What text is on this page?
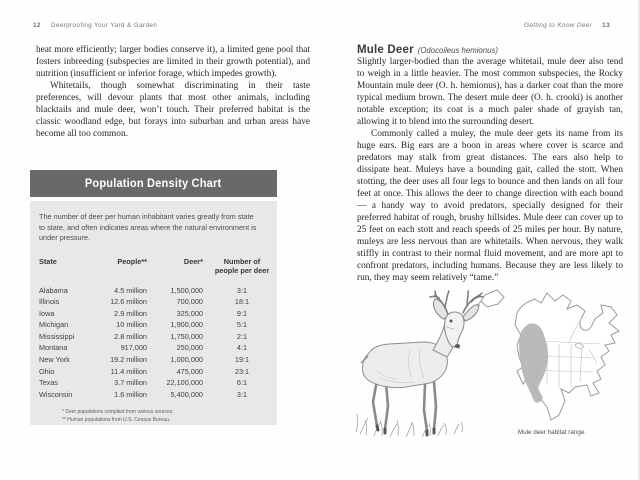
12 Deerproofing Your Yard & Garden	Getting to Know Deer 13

heat more efficiently; larger bodies conserve it), a limited gene pool that fosters inbreeding (subspecies are limited in their growth potential), and nutrition (insufficient or inferior forage, which impedes growth).

Whitetails, though somewhat discriminating in their taste preferences, will devour plants that most other animals, including blacktails and mule deer, won’t touch. Their preferred habitat is the classic woodland edge, but forays into suburban and urban areas have become all too common.

Population Density Chart
The number of deer per human inhabitant varies greatly from state to state, and often indicates areas where the natural environment is under pressure.
State	People**	Deer*	Number of people per deer
Alabama	4.5 million	1,500,000	3:1
Illinois	12.6 million	700,000	18:1
Iowa	2.9 million	325,000	9:1
Michigan	10 million	1,900,000	5:1
Mississippi	2.8 million	1,750,000	2:1
Montana	917,000	250,000	4:1
New York	19.2 million	1,000,000	19:1
Ohio	11.4 million	475,000	23:1
Texas	3.7 million	22,100,000	6:1
Wisconsin	1.6 million	5,400,000	3:1
* Deer populations compiled from various sources.
** Human populations from U.S. Census Bureau.
Mule Deer (Odocoileus hemionus)

Slightly larger-bodied than the average whitetail, mule deer also tend to weigh in a little heavier. The most common subspecies, the Rocky Mountain mule deer (O. h. hemionus), has a darker coat than the more typical medium brown. The desert mule deer (O. h. crooki) is another notable exception; its coat is a much paler shade of grayish tan, allowing it to blend into the surrounding desert.

Commonly called a muley, the mule deer gets its name from its huge ears. Big ears are a boon in areas where cover is scarce and predators may stalk from great distances. The ears also help to dissipate heat. Muleys have a bounding gait, called the stott. When stotting, the deer uses all four legs to bounce and then lands on all four feet at once. This allows the deer to change direction with each bound — a handy way to avoid predators, specially designed for their preferred habitat of rough, brushy hillsides. Mule deer can cover up to 25 feet on each stott and reach speeds of 25 miles per hour. By nature, muleys are less nervous than are whitetails. When nervous, they walk stiffly in contrast to their normal fluid movement, and are more apt to confront predators, including humans. Because they are less likely to run, they may seem relatively “tame.”

Mule deer habitat range.
